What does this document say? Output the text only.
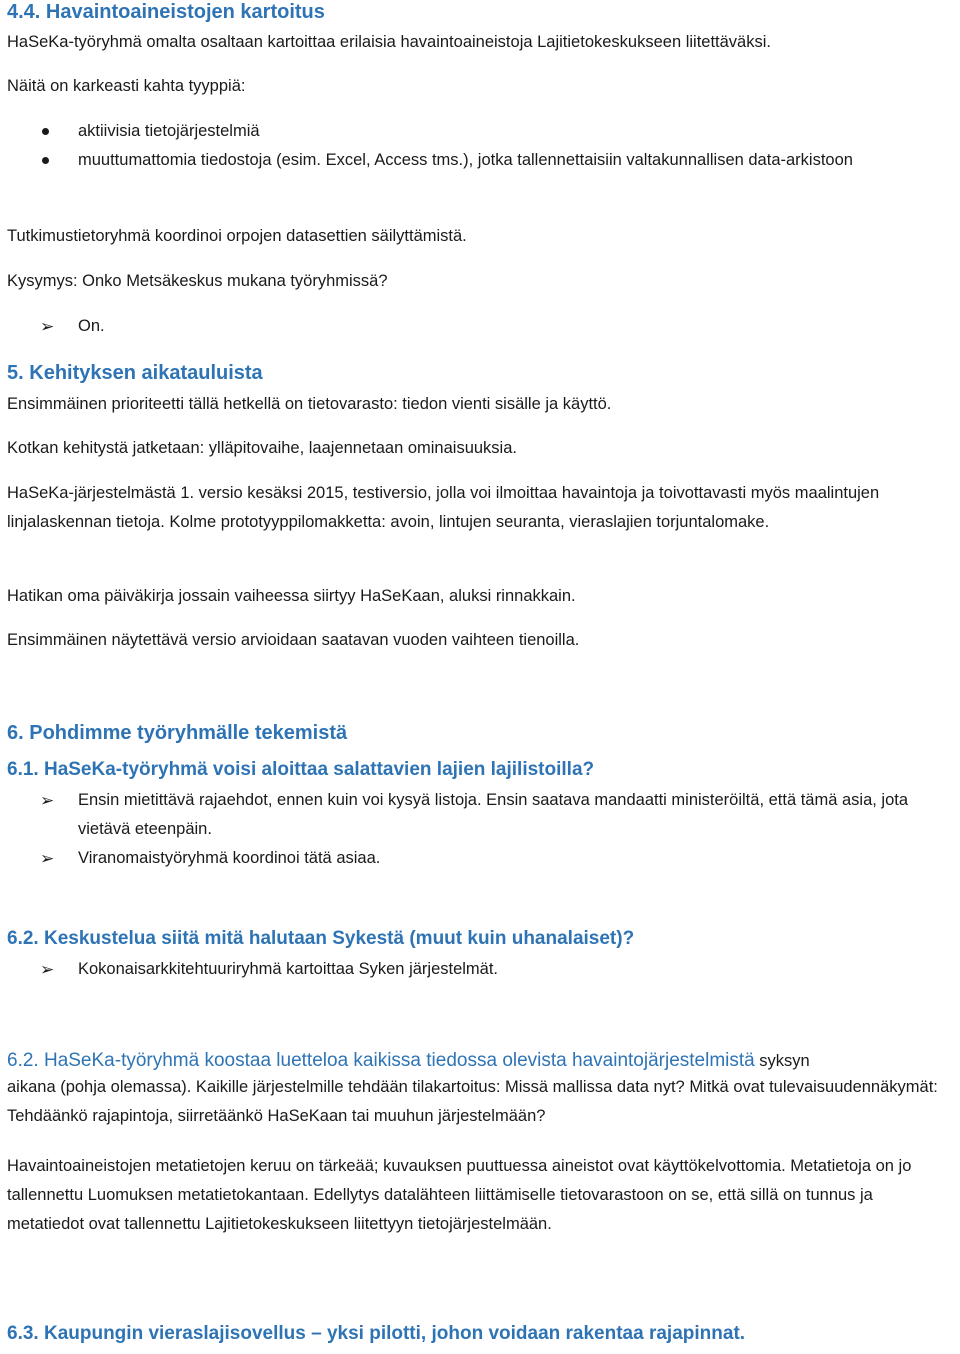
4.4. Havaintoaineistojen kartoitus

HaSeKa-työryhmä omalta osaltaan kartoittaa erilaisia havaintoaineistoja Lajitietokeskukseen liitettäväksi.

Näitä on karkeasti kahta tyyppiä:

aktiivisia tietojärjestelmiä
muuttumattomia tiedostoja (esim. Excel, Access tms.), jotka tallennettaisiin valtakunnallisen data-arkistoon

Tutkimustietoryhmä koordinoi orpojen datasettien säilyttämistä.

Kysymys: Onko Metsäkeskus mukana työryhmissä?

➢ On.
5. Kehityksen aikatauluista

Ensimmäinen prioriteetti tällä hetkellä on tietovarasto: tiedon vienti sisälle ja käyttö.

Kotkan kehitystä jatketaan: ylläpitovaihe, laajennetaan ominaisuuksia.

HaSeKa-järjestelmästä 1. versio kesäksi 2015, testiversio, jolla voi ilmoittaa havaintoja ja toivottavasti myös maalintujen linjalaskennan tietoja. Kolme prototyyppilomakketta: avoin, lintujen seuranta, vieraslajien torjuntalomake.

Hatikan oma päiväkirja jossain vaiheessa siirtyy HaSeKaan, aluksi rinnakkain.

Ensimmäinen näytettävä versio arvioidaan saatavan vuoden vaihteen tienoilla.

6. Pohdimme työryhmälle tekemistä
6.1. HaSeKa-työryhmä voisi aloittaa salattavien lajien lajilistoilla?
➢ Ensin mietittävä rajaehdot, ennen kuin voi kysyä listoja. Ensin saatava mandaatti ministeröiltä, että tämä asia, jota vietävä eteenpäin.
➢ Viranomaistyöryhmä koordinoi tätä asiaa.
6.2. Keskustelua siitä mitä halutaan Sykestä (muut kuin uhanalaiset)?
➢ Kokonaisarkkitehtuuriryhmä kartoittaa Syken järjestelmät.
6.2. HaSeKa-työryhmä koostaa luetteloa kaikissa tiedossa olevista havaintojärjestelmistä syksyn

aikana (pohja olemassa). Kaikille järjestelmille tehdään tilakartoitus: Missä mallissa data nyt? Mitkä ovat tulevaisuudennäkymät: Tehdäänkö rajapintoja, siirretäänkö HaSeKaan tai muuhun järjestelmään?

Havaintoaineistojen metatietojen keruu on tärkeää; kuvauksen puuttuessa aineistot ovat käyttökelvottomia. Metatietoja on jo tallennettu Luomuksen metatietokantaan. Edellytys datalähteen liittämiselle tietovarastoon on se, että sillä on tunnus ja metatiedot ovat tallennettu Lajitietokeskukseen liitettyyn tietojärjestelmään.

6.3. Kaupungin vieraslajisovellus – yksi pilotti, johon voidaan rakentaa rajapinnat.
